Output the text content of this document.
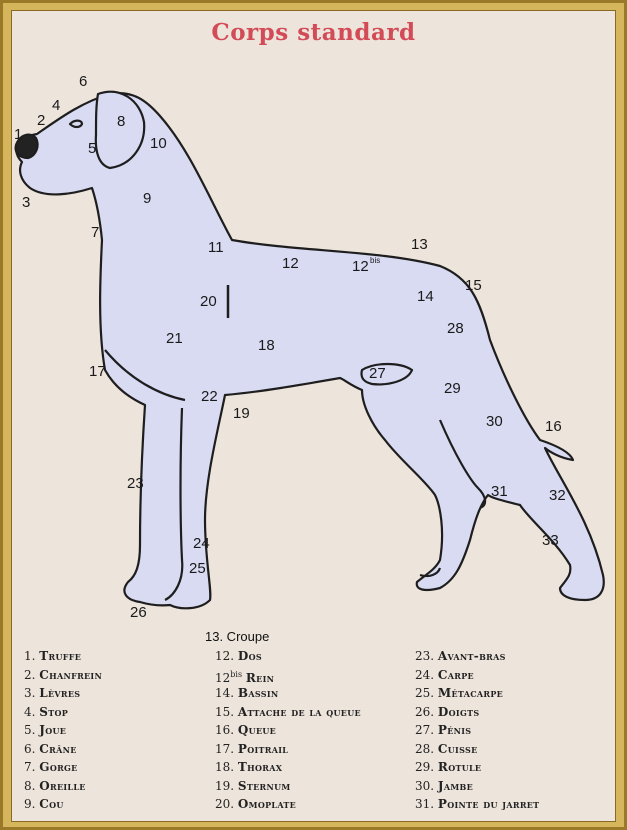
Corps standard
1
2
3
4
5
6
7
8
9
10
11
12	12 bis
13
14
15
16
17
18
19
20
21
22
23
24
25
26
27
28
29
30
31	32
33
13. Croupe
1. Truffe
2. Chanfrein
3. Lèvres
4. Stop
5. Joue
6. Crâne
7. Gorge
8. Oreille
9. Cou
12. Dos
$12^{bis}$ Rein
14. Bassin
15. Attache de la queue
16. Queue
17. Poitrail
18. Thorax
19. Sternum
20. Omoplate
23. Avant-bras
24. Carpe
25. Métacarpe
26. Doigts
27. Pénis
28. Cuisse
29. Rotule
30. Jambe
31. Pointe du jarret
